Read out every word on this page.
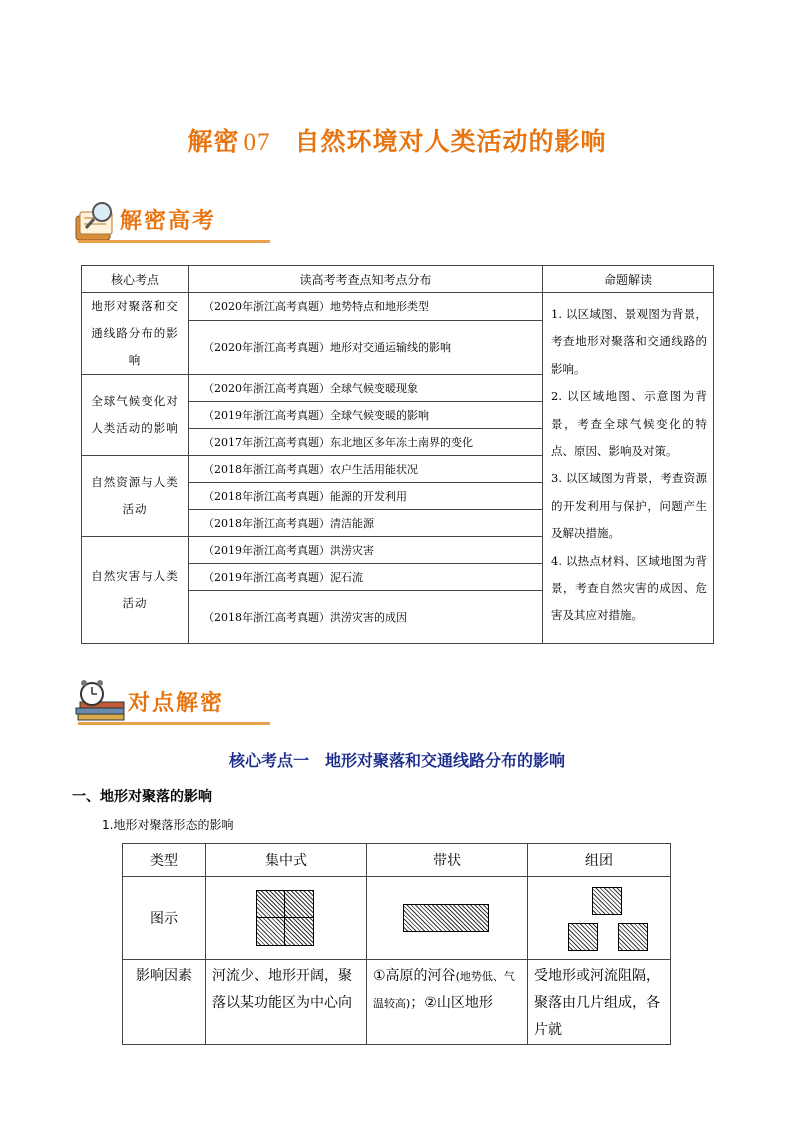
解密 07 自然环境对人类活动的影响
解密高考
核心考点	读高考考查点知考点分布	命题解读
地形对聚落和交通线路分布的影响	（2020年浙江高考真题）地势特点和地形类型	1. 以区域图、景观图为背景，考查地形对聚落和交通线路的影响。
2. 以区域地图、示意图为背景，考查全球气候变化的特点、原因、影响及对策。
3. 以区域图为背景，考查资源的开发利用与保护，问题产生及解决措施。
4. 以热点材料、区域地图为背景，考查自然灾害的成因、危害及其应对措施。

	（2020年浙江高考真题）地形对交通运输线的影响	
全球气候变化对人类活动的影响	（2020年浙江高考真题）全球气候变暖现象	
	（2019年浙江高考真题）全球气候变暖的影响	
	（2017年浙江高考真题）东北地区多年冻土南界的变化	
自然资源与人类活动	（2018年浙江高考真题）农户生活用能状况	
	（2018年浙江高考真题）能源的开发利用	
	（2018年浙江高考真题）清洁能源	
自然灾害与人类活动	（2019年浙江高考真题）洪涝灾害	
	（2019年浙江高考真题）泥石流	
	（2018年浙江高考真题）洪涝灾害的成因	
对点解密
核心考点一　地形对聚落和交通线路分布的影响
一、地形对聚落的影响
1.地形对聚落形态的影响
类型	集中式	带状	组团
图示	

影响因素	河流少、地形开阔，聚落以某功能区为中心向	①高原的河谷(地势低、气温较高)；②山区地形	受地形或河流阻隔，聚落由几片组成，各片就
